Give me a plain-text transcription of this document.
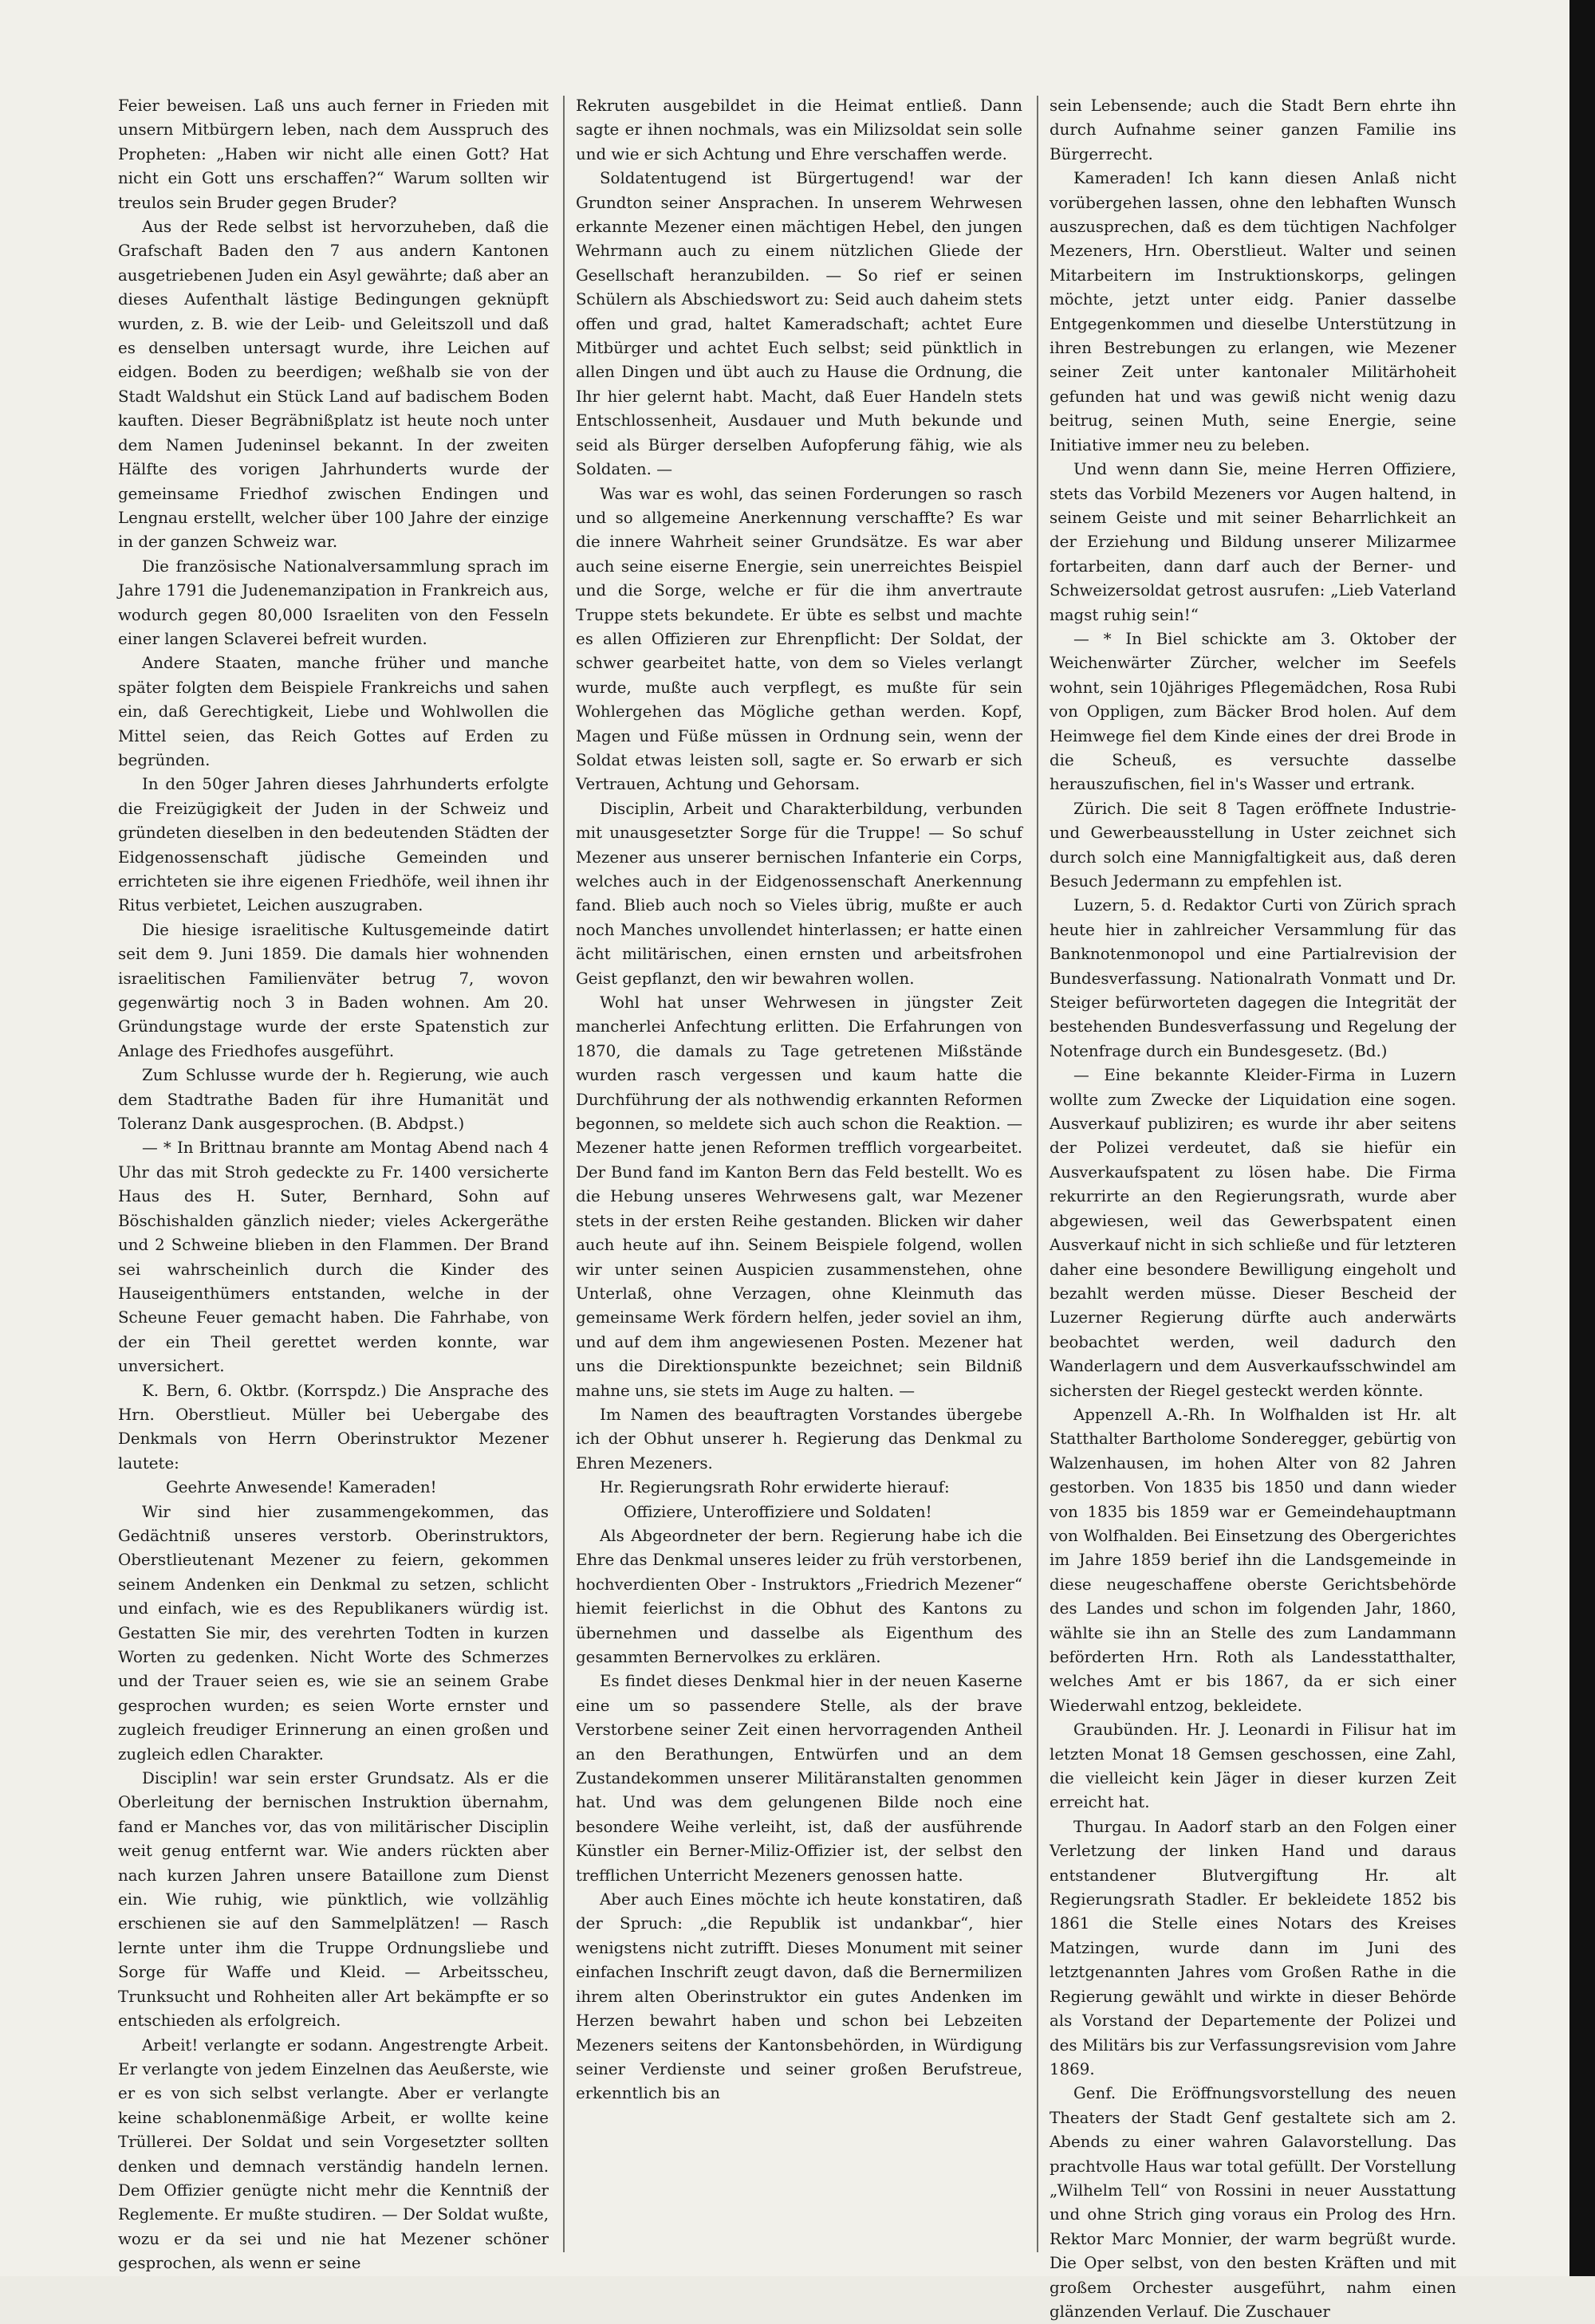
Feier beweisen. Laß uns auch ferner in Frieden mit unsern Mitbürgern leben, nach dem Ausspruch des Propheten: „Haben wir nicht alle einen Gott? Hat nicht ein Gott uns erschaffen?“ Warum sollten wir treulos sein Bruder gegen Bruder?

Aus der Rede selbst ist hervorzuheben, daß die Grafschaft Baden den 7 aus andern Kantonen ausgetriebenen Juden ein Asyl gewährte; daß aber an dieses Aufenthalt lästige Bedingungen geknüpft wurden, z. B. wie der Leib- und Geleitszoll und daß es denselben untersagt wurde, ihre Leichen auf eidgen. Boden zu beerdigen; weßhalb sie von der Stadt Waldshut ein Stück Land auf badischem Boden kauften. Dieser Begräbnißplatz ist heute noch unter dem Namen Judeninsel bekannt. In der zweiten Hälfte des vorigen Jahrhunderts wurde der gemeinsame Friedhof zwischen Endingen und Lengnau erstellt, welcher über 100 Jahre der einzige in der ganzen Schweiz war.

Die französische Nationalversammlung sprach im Jahre 1791 die Judenemanzipation in Frankreich aus, wodurch gegen 80,000 Israeliten von den Fesseln einer langen Sclaverei befreit wurden.

Andere Staaten, manche früher und manche später folgten dem Beispiele Frankreichs und sahen ein, daß Gerechtigkeit, Liebe und Wohlwollen die Mittel seien, das Reich Gottes auf Erden zu begründen.

In den 50ger Jahren dieses Jahrhunderts erfolgte die Freizügigkeit der Juden in der Schweiz und gründeten dieselben in den bedeutenden Städten der Eidgenossenschaft jüdische Gemeinden und errichteten sie ihre eigenen Friedhöfe, weil ihnen ihr Ritus verbietet, Leichen auszugraben.

Die hiesige israelitische Kultusgemeinde datirt seit dem 9. Juni 1859. Die damals hier wohnenden israelitischen Familienväter betrug 7, wovon gegenwärtig noch 3 in Baden wohnen. Am 20. Gründungstage wurde der erste Spatenstich zur Anlage des Friedhofes ausgeführt.

Zum Schlusse wurde der h. Regierung, wie auch dem Stadtrathe Baden für ihre Humanität und Toleranz Dank ausgesprochen. (B. Abdpst.)

— * In Brittnau brannte am Montag Abend nach 4 Uhr das mit Stroh gedeckte zu Fr. 1400 versicherte Haus des H. Suter, Bernhard, Sohn auf Böschishalden gänzlich nieder; vieles Ackergeräthe und 2 Schweine blieben in den Flammen. Der Brand sei wahrscheinlich durch die Kinder des Hauseigenthümers entstanden, welche in der Scheune Feuer gemacht haben. Die Fahrhabe, von der ein Theil gerettet werden konnte, war unversichert.

K. Bern, 6. Oktbr. (Korrspdz.) Die Ansprache des Hrn. Oberstlieut. Müller bei Uebergabe des Denkmals von Herrn Oberinstruktor Mezener lautete:

Geehrte Anwesende! Kameraden!

Wir sind hier zusammengekommen, das Gedächtniß unseres verstorb. Oberinstruktors, Oberstlieutenant Mezener zu feiern, gekommen seinem Andenken ein Denkmal zu setzen, schlicht und einfach, wie es des Republikaners würdig ist. Gestatten Sie mir, des verehrten Todten in kurzen Worten zu gedenken. Nicht Worte des Schmerzes und der Trauer seien es, wie sie an seinem Grabe gesprochen wurden; es seien Worte ernster und zugleich freudiger Erinnerung an einen großen und zugleich edlen Charakter.

Disciplin! war sein erster Grundsatz. Als er die Oberleitung der bernischen Instruktion übernahm, fand er Manches vor, das von militärischer Disciplin weit genug entfernt war. Wie anders rückten aber nach kurzen Jahren unsere Bataillone zum Dienst ein. Wie ruhig, wie pünktlich, wie vollzählig erschienen sie auf den Sammelplätzen! — Rasch lernte unter ihm die Truppe Ordnungsliebe und Sorge für Waffe und Kleid. — Arbeitsscheu, Trunksucht und Rohheiten aller Art bekämpfte er so entschieden als erfolgreich.

Arbeit! verlangte er sodann. Angestrengte Arbeit. Er verlangte von jedem Einzelnen das Aeußerste, wie er es von sich selbst verlangte. Aber er verlangte keine schablonenmäßige Arbeit, er wollte keine Trüllerei. Der Soldat und sein Vorgesetzter sollten denken und demnach verständig handeln lernen. Dem Offizier genügte nicht mehr die Kenntniß der Reglemente. Er mußte studiren. — Der Soldat wußte, wozu er da sei und nie hat Mezener schöner gesprochen, als wenn er seine

Rekruten ausgebildet in die Heimat entließ. Dann sagte er ihnen nochmals, was ein Milizsoldat sein solle und wie er sich Achtung und Ehre verschaffen werde.

Soldatentugend ist Bürgertugend! war der Grundton seiner Ansprachen. In unserem Wehrwesen erkannte Mezener einen mächtigen Hebel, den jungen Wehrmann auch zu einem nützlichen Gliede der Gesellschaft heranzubilden. — So rief er seinen Schülern als Abschiedswort zu: Seid auch daheim stets offen und grad, haltet Kameradschaft; achtet Eure Mitbürger und achtet Euch selbst; seid pünktlich in allen Dingen und übt auch zu Hause die Ordnung, die Ihr hier gelernt habt. Macht, daß Euer Handeln stets Entschlossenheit, Ausdauer und Muth bekunde und seid als Bürger derselben Aufopferung fähig, wie als Soldaten. —

Was war es wohl, das seinen Forderungen so rasch und so allgemeine Anerkennung verschaffte? Es war die innere Wahrheit seiner Grundsätze. Es war aber auch seine eiserne Energie, sein unerreichtes Beispiel und die Sorge, welche er für die ihm anvertraute Truppe stets bekundete. Er übte es selbst und machte es allen Offizieren zur Ehrenpflicht: Der Soldat, der schwer gearbeitet hatte, von dem so Vieles verlangt wurde, mußte auch verpflegt, es mußte für sein Wohlergehen das Mögliche gethan werden. Kopf, Magen und Füße müssen in Ordnung sein, wenn der Soldat etwas leisten soll, sagte er. So erwarb er sich Vertrauen, Achtung und Gehorsam.

Disciplin, Arbeit und Charakterbildung, verbunden mit unausgesetzter Sorge für die Truppe! — So schuf Mezener aus unserer bernischen Infanterie ein Corps, welches auch in der Eidgenossenschaft Anerkennung fand. Blieb auch noch so Vieles übrig, mußte er auch noch Manches unvollendet hinterlassen; er hatte einen ächt militärischen, einen ernsten und arbeitsfrohen Geist gepflanzt, den wir bewahren wollen.

Wohl hat unser Wehrwesen in jüngster Zeit mancherlei Anfechtung erlitten. Die Erfahrungen von 1870, die damals zu Tage getretenen Mißstände wurden rasch vergessen und kaum hatte die Durchführung der als nothwendig erkannten Reformen begonnen, so meldete sich auch schon die Reaktion. — Mezener hatte jenen Reformen trefflich vorgearbeitet. Der Bund fand im Kanton Bern das Feld bestellt. Wo es die Hebung unseres Wehrwesens galt, war Mezener stets in der ersten Reihe gestanden. Blicken wir daher auch heute auf ihn. Seinem Beispiele folgend, wollen wir unter seinen Auspicien zusammenstehen, ohne Unterlaß, ohne Verzagen, ohne Kleinmuth das gemeinsame Werk fördern helfen, jeder soviel an ihm, und auf dem ihm angewiesenen Posten. Mezener hat uns die Direktionspunkte bezeichnet; sein Bildniß mahne uns, sie stets im Auge zu halten. —

Im Namen des beauftragten Vorstandes übergebe ich der Obhut unserer h. Regierung das Denkmal zu Ehren Mezeners.

Hr. Regierungsrath Rohr erwiderte hierauf:

Offiziere, Unteroffiziere und Soldaten!

Als Abgeordneter der bern. Regierung habe ich die Ehre das Denkmal unseres leider zu früh verstorbenen, hochverdienten Ober - Instruktors „Friedrich Mezener“ hiemit feierlichst in die Obhut des Kantons zu übernehmen und dasselbe als Eigenthum des gesammten Bernervolkes zu erklären.

Es findet dieses Denkmal hier in der neuen Kaserne eine um so passendere Stelle, als der brave Verstorbene seiner Zeit einen hervorragenden Antheil an den Berathungen, Entwürfen und an dem Zustandekommen unserer Militäranstalten genommen hat. Und was dem gelungenen Bilde noch eine besondere Weihe verleiht, ist, daß der ausführende Künstler ein Berner-Miliz-Offizier ist, der selbst den trefflichen Unterricht Mezeners genossen hatte.

Aber auch Eines möchte ich heute konstatiren, daß der Spruch: „die Republik ist undankbar“, hier wenigstens nicht zutrifft. Dieses Monument mit seiner einfachen Inschrift zeugt davon, daß die Bernermilizen ihrem alten Oberinstruktor ein gutes Andenken im Herzen bewahrt haben und schon bei Lebzeiten Mezeners seitens der Kantonsbehörden, in Würdigung seiner Verdienste und seiner großen Berufstreue, erkenntlich bis an

sein Lebensende; auch die Stadt Bern ehrte ihn durch Aufnahme seiner ganzen Familie ins Bürgerrecht.

Kameraden! Ich kann diesen Anlaß nicht vorübergehen lassen, ohne den lebhaften Wunsch auszusprechen, daß es dem tüchtigen Nachfolger Mezeners, Hrn. Oberstlieut. Walter und seinen Mitarbeitern im Instruktionskorps, gelingen möchte, jetzt unter eidg. Panier dasselbe Entgegenkommen und dieselbe Unterstützung in ihren Bestrebungen zu erlangen, wie Mezener seiner Zeit unter kantonaler Militärhoheit gefunden hat und was gewiß nicht wenig dazu beitrug, seinen Muth, seine Energie, seine Initiative immer neu zu beleben.

Und wenn dann Sie, meine Herren Offiziere, stets das Vorbild Mezeners vor Augen haltend, in seinem Geiste und mit seiner Beharrlichkeit an der Erziehung und Bildung unserer Milizarmee fortarbeiten, dann darf auch der Berner- und Schweizersoldat getrost ausrufen: „Lieb Vaterland magst ruhig sein!“

— * In Biel schickte am 3. Oktober der Weichenwärter Zürcher, welcher im Seefels wohnt, sein 10jähriges Pflegemädchen, Rosa Rubi von Oppligen, zum Bäcker Brod holen. Auf dem Heimwege fiel dem Kinde eines der drei Brode in die Scheuß, es versuchte dasselbe herauszufischen, fiel in's Wasser und ertrank.

Zürich. Die seit 8 Tagen eröffnete Industrie- und Gewerbeausstellung in Uster zeichnet sich durch solch eine Mannigfaltigkeit aus, daß deren Besuch Jedermann zu empfehlen ist.

Luzern, 5. d. Redaktor Curti von Zürich sprach heute hier in zahlreicher Versammlung für das Banknotenmonopol und eine Partialrevision der Bundesverfassung. Nationalrath Vonmatt und Dr. Steiger befürworteten dagegen die Integrität der bestehenden Bundesverfassung und Regelung der Notenfrage durch ein Bundesgesetz. (Bd.)

— Eine bekannte Kleider-Firma in Luzern wollte zum Zwecke der Liquidation eine sogen. Ausverkauf publiziren; es wurde ihr aber seitens der Polizei verdeutet, daß sie hiefür ein Ausverkaufspatent zu lösen habe. Die Firma rekurrirte an den Regierungsrath, wurde aber abgewiesen, weil das Gewerbspatent einen Ausverkauf nicht in sich schließe und für letzteren daher eine besondere Bewilligung eingeholt und bezahlt werden müsse. Dieser Bescheid der Luzerner Regierung dürfte auch anderwärts beobachtet werden, weil dadurch den Wanderlagern und dem Ausverkaufsschwindel am sichersten der Riegel gesteckt werden könnte.

Appenzell A.-Rh. In Wolfhalden ist Hr. alt Statthalter Bartholome Sonderegger, gebürtig von Walzenhausen, im hohen Alter von 82 Jahren gestorben. Von 1835 bis 1850 und dann wieder von 1835 bis 1859 war er Gemeindehauptmann von Wolfhalden. Bei Einsetzung des Obergerichtes im Jahre 1859 berief ihn die Landsgemeinde in diese neugeschaffene oberste Gerichtsbehörde des Landes und schon im folgenden Jahr, 1860, wählte sie ihn an Stelle des zum Landammann beförderten Hrn. Roth als Landesstatthalter, welches Amt er bis 1867, da er sich einer Wiederwahl entzog, bekleidete.

Graubünden. Hr. J. Leonardi in Filisur hat im letzten Monat 18 Gemsen geschossen, eine Zahl, die vielleicht kein Jäger in dieser kurzen Zeit erreicht hat.

Thurgau. In Aadorf starb an den Folgen einer Verletzung der linken Hand und daraus entstandener Blutvergiftung Hr. alt Regierungsrath Stadler. Er bekleidete 1852 bis 1861 die Stelle eines Notars des Kreises Matzingen, wurde dann im Juni des letztgenannten Jahres vom Großen Rathe in die Regierung gewählt und wirkte in dieser Behörde als Vorstand der Departemente der Polizei und des Militärs bis zur Verfassungsrevision vom Jahre 1869.

Genf. Die Eröffnungsvorstellung des neuen Theaters der Stadt Genf gestaltete sich am 2. Abends zu einer wahren Galavorstellung. Das prachtvolle Haus war total gefüllt. Der Vorstellung „Wilhelm Tell“ von Rossini in neuer Ausstattung und ohne Strich ging voraus ein Prolog des Hrn. Rektor Marc Monnier, der warm begrüßt wurde. Die Oper selbst, von den besten Kräften und mit großem Orchester ausgeführt, nahm einen glänzenden Verlauf. Die Zuschauer
